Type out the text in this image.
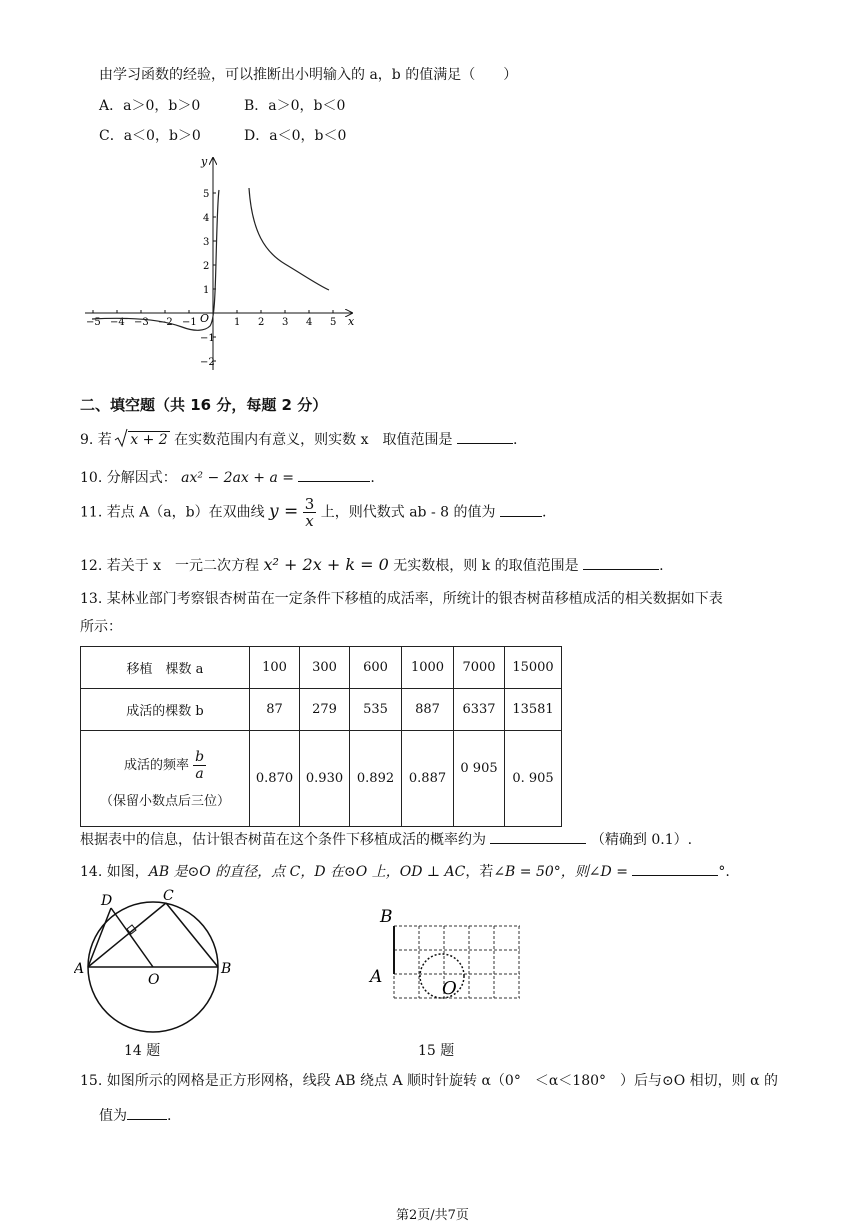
由学习函数的经验，可以推断出小明输入的 a，b 的值满足（　　）
A．a＞0，b＞0	B．a＞0，b＜0
C．a＜0，b＞0	D．a＜0，b＜0
x
y
O
−5 −4 −3 −2 −1	1 2 3 4 5
5
4
3
2
1
−1
−2
二、填空题（共 16 分，每题 2 分）
9. 若 x + 2 在实数范围内有意义，则实数 x　取值范围是	.
10. 分解因式： ax² − 2ax + a =	.
11. 若点 A（a，b）在双曲线 $y = \frac{3}{x}$ 上，则代数式 ab - 8 的值为	.
12. 若关于 x　一元二次方程 x² + 2x + k = 0 无实数根，则 k 的取值范围是	.
13. 某林业部门考察银杏树苗在一定条件下移植的成活率，所统计的银杏树苗移植成活的相关数据如下表
所示：
移植　棵数 a	100	300	600	1000	7000	15000
成活的棵数 b	87	279	535	887	6337	13581

成活的频率 $\frac{b}{a}$
（保留小数点后三位）	0.870	0.930	0.892	0.887	0 905	0. 905
根据表中的信息，估计银杏树苗在这个条件下移植成活的概率约为	（精确到 0.1）.
14. 如图，AB 是⊙O 的直径，点 C，D 在⊙O 上，OD ⊥ AC，若∠B = 50°，则∠D =	°.
A	B
C
D
O
14 题
B
A
O
15 题
15. 如图所示的网格是正方形网格，线段 AB 绕点 A 顺时针旋转 α（0°　＜α＜180°　）后与⊙O 相切，则 α 的
值为	.
第2页/共7页
